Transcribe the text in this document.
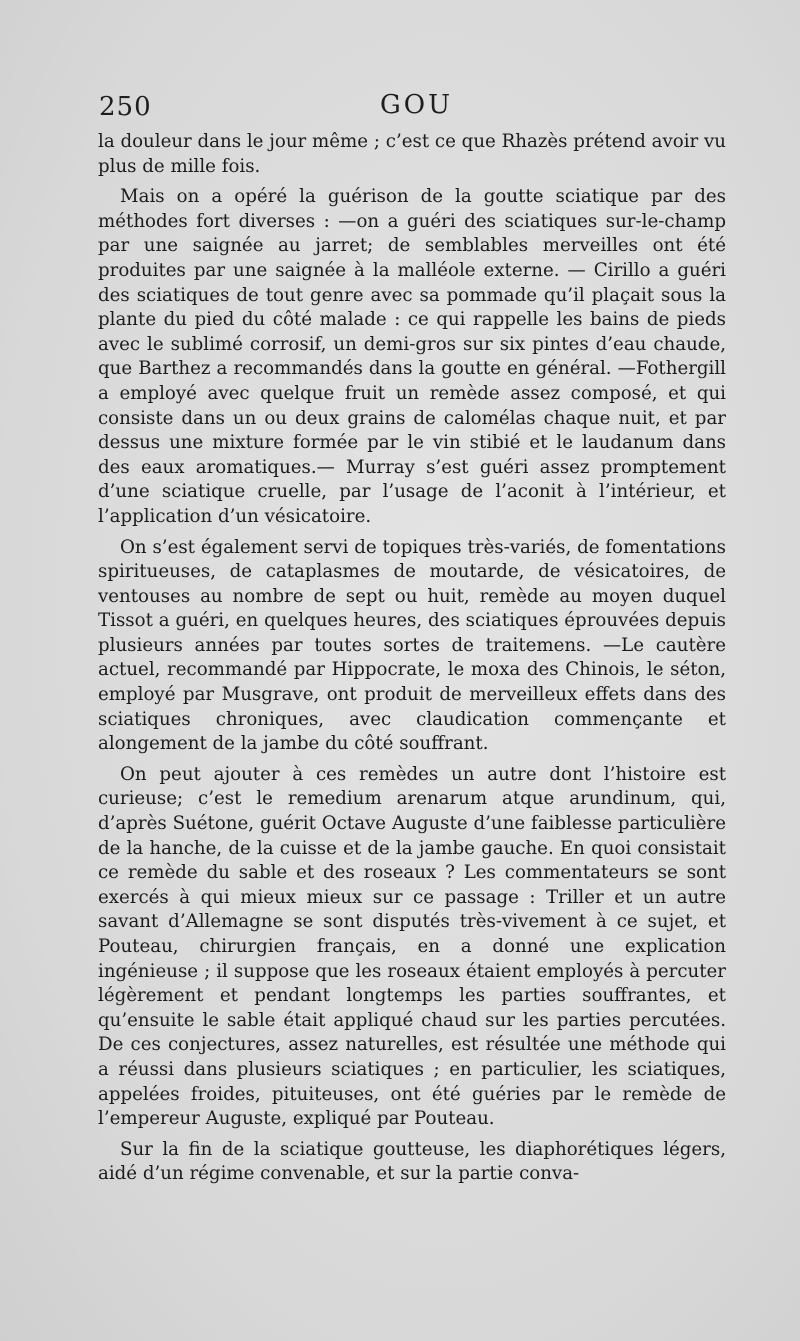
250	GOU

la douleur dans le jour même ; c’est ce que Rhazès prétend avoir vu plus de mille fois.

Mais on a opéré la guérison de la goutte sciatique par des méthodes fort diverses : —on a guéri des sciatiques sur-le-champ par une saignée au jarret; de semblables merveilles ont été produites par une saignée à la malléole externe. — Cirillo a guéri des sciatiques de tout genre avec sa pommade qu’il plaçait sous la plante du pied du côté malade : ce qui rappelle les bains de pieds avec le sublimé corrosif, un demi-gros sur six pintes d’eau chaude, que Barthez a recommandés dans la goutte en général. —Fothergill a employé avec quelque fruit un remède assez composé, et qui consiste dans un ou deux grains de calomélas chaque nuit, et par dessus une mixture formée par le vin stibié et le laudanum dans des eaux aromatiques.— Murray s’est guéri assez promptement d’une sciatique cruelle, par l’usage de l’aconit à l’intérieur, et l’application d’un vésicatoire.

On s’est également servi de topiques très-variés, de fomentations spiritueuses, de cataplasmes de moutarde, de vésicatoires, de ventouses au nombre de sept ou huit, remède au moyen duquel Tissot a guéri, en quelques heures, des sciatiques éprouvées depuis plusieurs années par toutes sortes de traitemens. —Le cautère actuel, recommandé par Hippocrate, le moxa des Chinois, le séton, employé par Musgrave, ont produit de merveilleux effets dans des sciatiques chroniques, avec claudication commençante et alongement de la jambe du côté souffrant.

On peut ajouter à ces remèdes un autre dont l’histoire est curieuse; c’est le remedium arenarum atque arundinum, qui, d’après Suétone, guérit Octave Auguste d’une faiblesse particulière de la hanche, de la cuisse et de la jambe gauche. En quoi consistait ce remède du sable et des roseaux ? Les commentateurs se sont exercés à qui mieux mieux sur ce passage : Triller et un autre savant d’Allemagne se sont disputés très-vivement à ce sujet, et Pouteau, chirurgien français, en a donné une explication ingénieuse ; il suppose que les roseaux étaient employés à percuter légèrement et pendant longtemps les parties souffrantes, et qu’ensuite le sable était appliqué chaud sur les parties percutées. De ces conjectures, assez naturelles, est résultée une méthode qui a réussi dans plusieurs sciatiques ; en particulier, les sciatiques, appelées froides, pituiteuses, ont été guéries par le remède de l’empereur Auguste, expliqué par Pouteau.

Sur la fin de la sciatique goutteuse, les diaphorétiques légers, aidé d’un régime convenable, et sur la partie conva-
